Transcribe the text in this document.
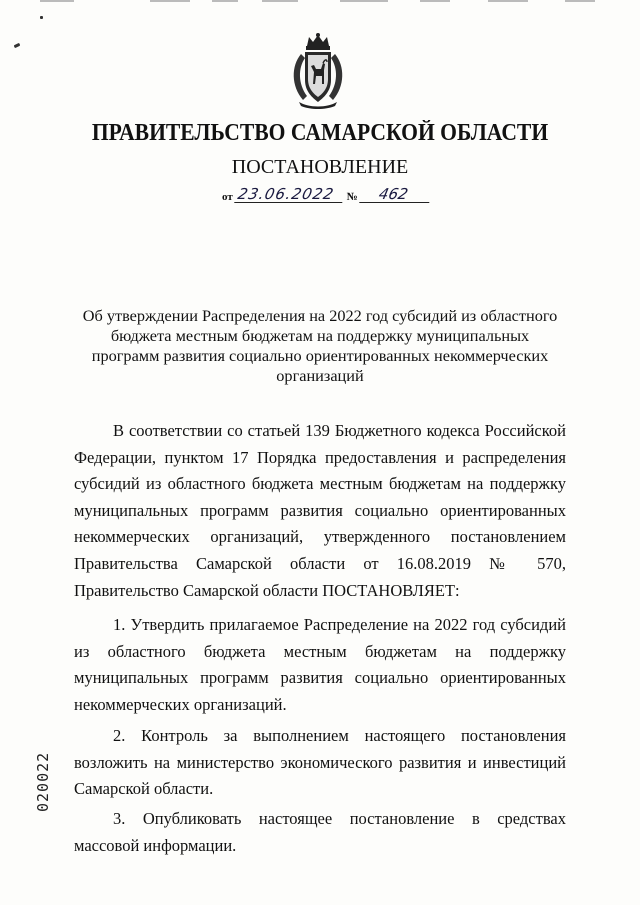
ПРАВИТЕЛЬСТВО САМАРСКОЙ ОБЛАСТИ
ПОСТАНОВЛЕНИЕ
от 23.06.2022 № 462
Об утверждении Распределения на 2022 год субсидий из областного бюджета местным бюджетам на поддержку муниципальных программ развития социально ориентированных некоммерческих организаций

В соответствии со статьей 139 Бюджетного кодекса Российской Федерации, пунктом 17 Порядка предоставления и распределения субсидий из областного бюджета местным бюджетам на поддержку муниципальных программ развития социально ориентированных некоммерческих организаций, утвержденного постановлением Правительства Самарской области от 16.08.2019 № 570, Правительство Самарской области ПОСТАНОВЛЯЕТ:

1. Утвердить прилагаемое Распределение на 2022 год субсидий из областного бюджета местным бюджетам на поддержку муниципальных программ развития социально ориентированных некоммерческих организаций.

2. Контроль за выполнением настоящего постановления возложить на министерство экономического развития и инвестиций Самарской области.

3. Опубликовать настоящее постановление в средствах массовой информации.

020022
